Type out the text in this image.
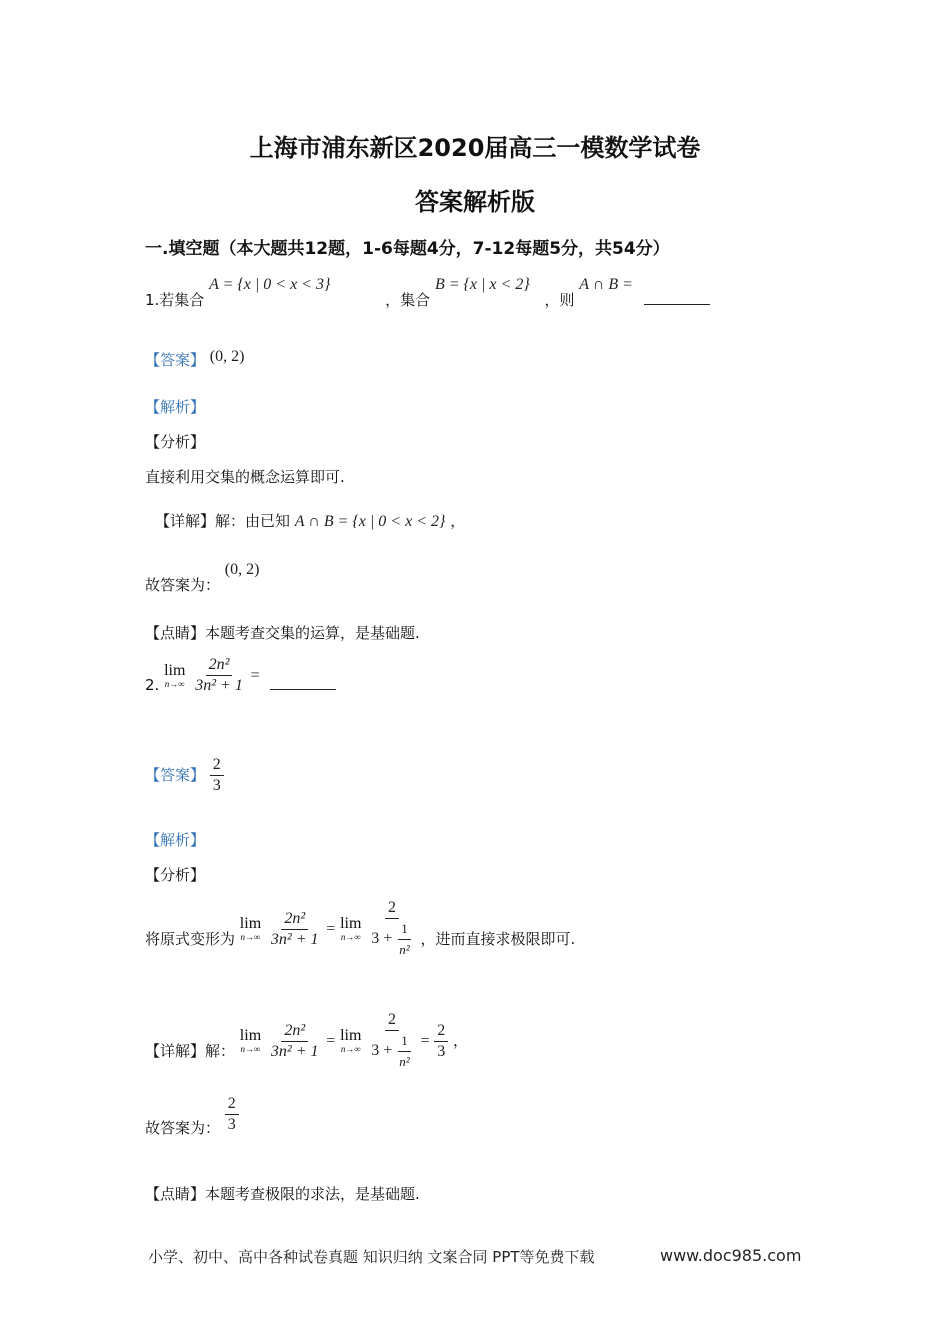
上海市浦东新区2020届高三一模数学试卷
答案解析版
一.填空题（本大题共12题，1-6每题4分，7-12每题5分，共54分）
1.若集合 A = {x | 0 < x < 3} ，集合 B = {x | x < 2} ，则 A ∩ B =
【答案】 (0, 2)
【解析】
【分析】
直接利用交集的概念运算即可.
【详解】解：由已知 A ∩ B = {x | 0 < x < 2} ，
故答案为： (0, 2)
【点睛】本题考查交集的运算，是基础题.
2.
lim
n→∞
$\frac{\text{2n²}}{\text{3n² + 1}}$ =
【答案】 $\frac{2}{3}$
【解析】
【分析】
将原式变形为
lim
n→∞
$\frac{\text{2n²}}{\text{3n² + 1}} = \lim$
n→∞
$\frac{2}{3 + \frac{1}{\text{n²}}}$ ，进而直接求极限即可.
【详解】解：
lim
n→∞
$\frac{\text{2n²}}{\text{3n² + 1}} = \lim$
n→∞
$\frac{2}{3 + \frac{1}{\text{n²}}} = \frac{2}{3}$ ，
故答案为： $\frac{2}{3}$
【点睛】本题考查极限的求法，是基础题.
小学、初中、高中各种试卷真题 知识归纳 文案合同 PPT等免费下载	www.doc985.com
